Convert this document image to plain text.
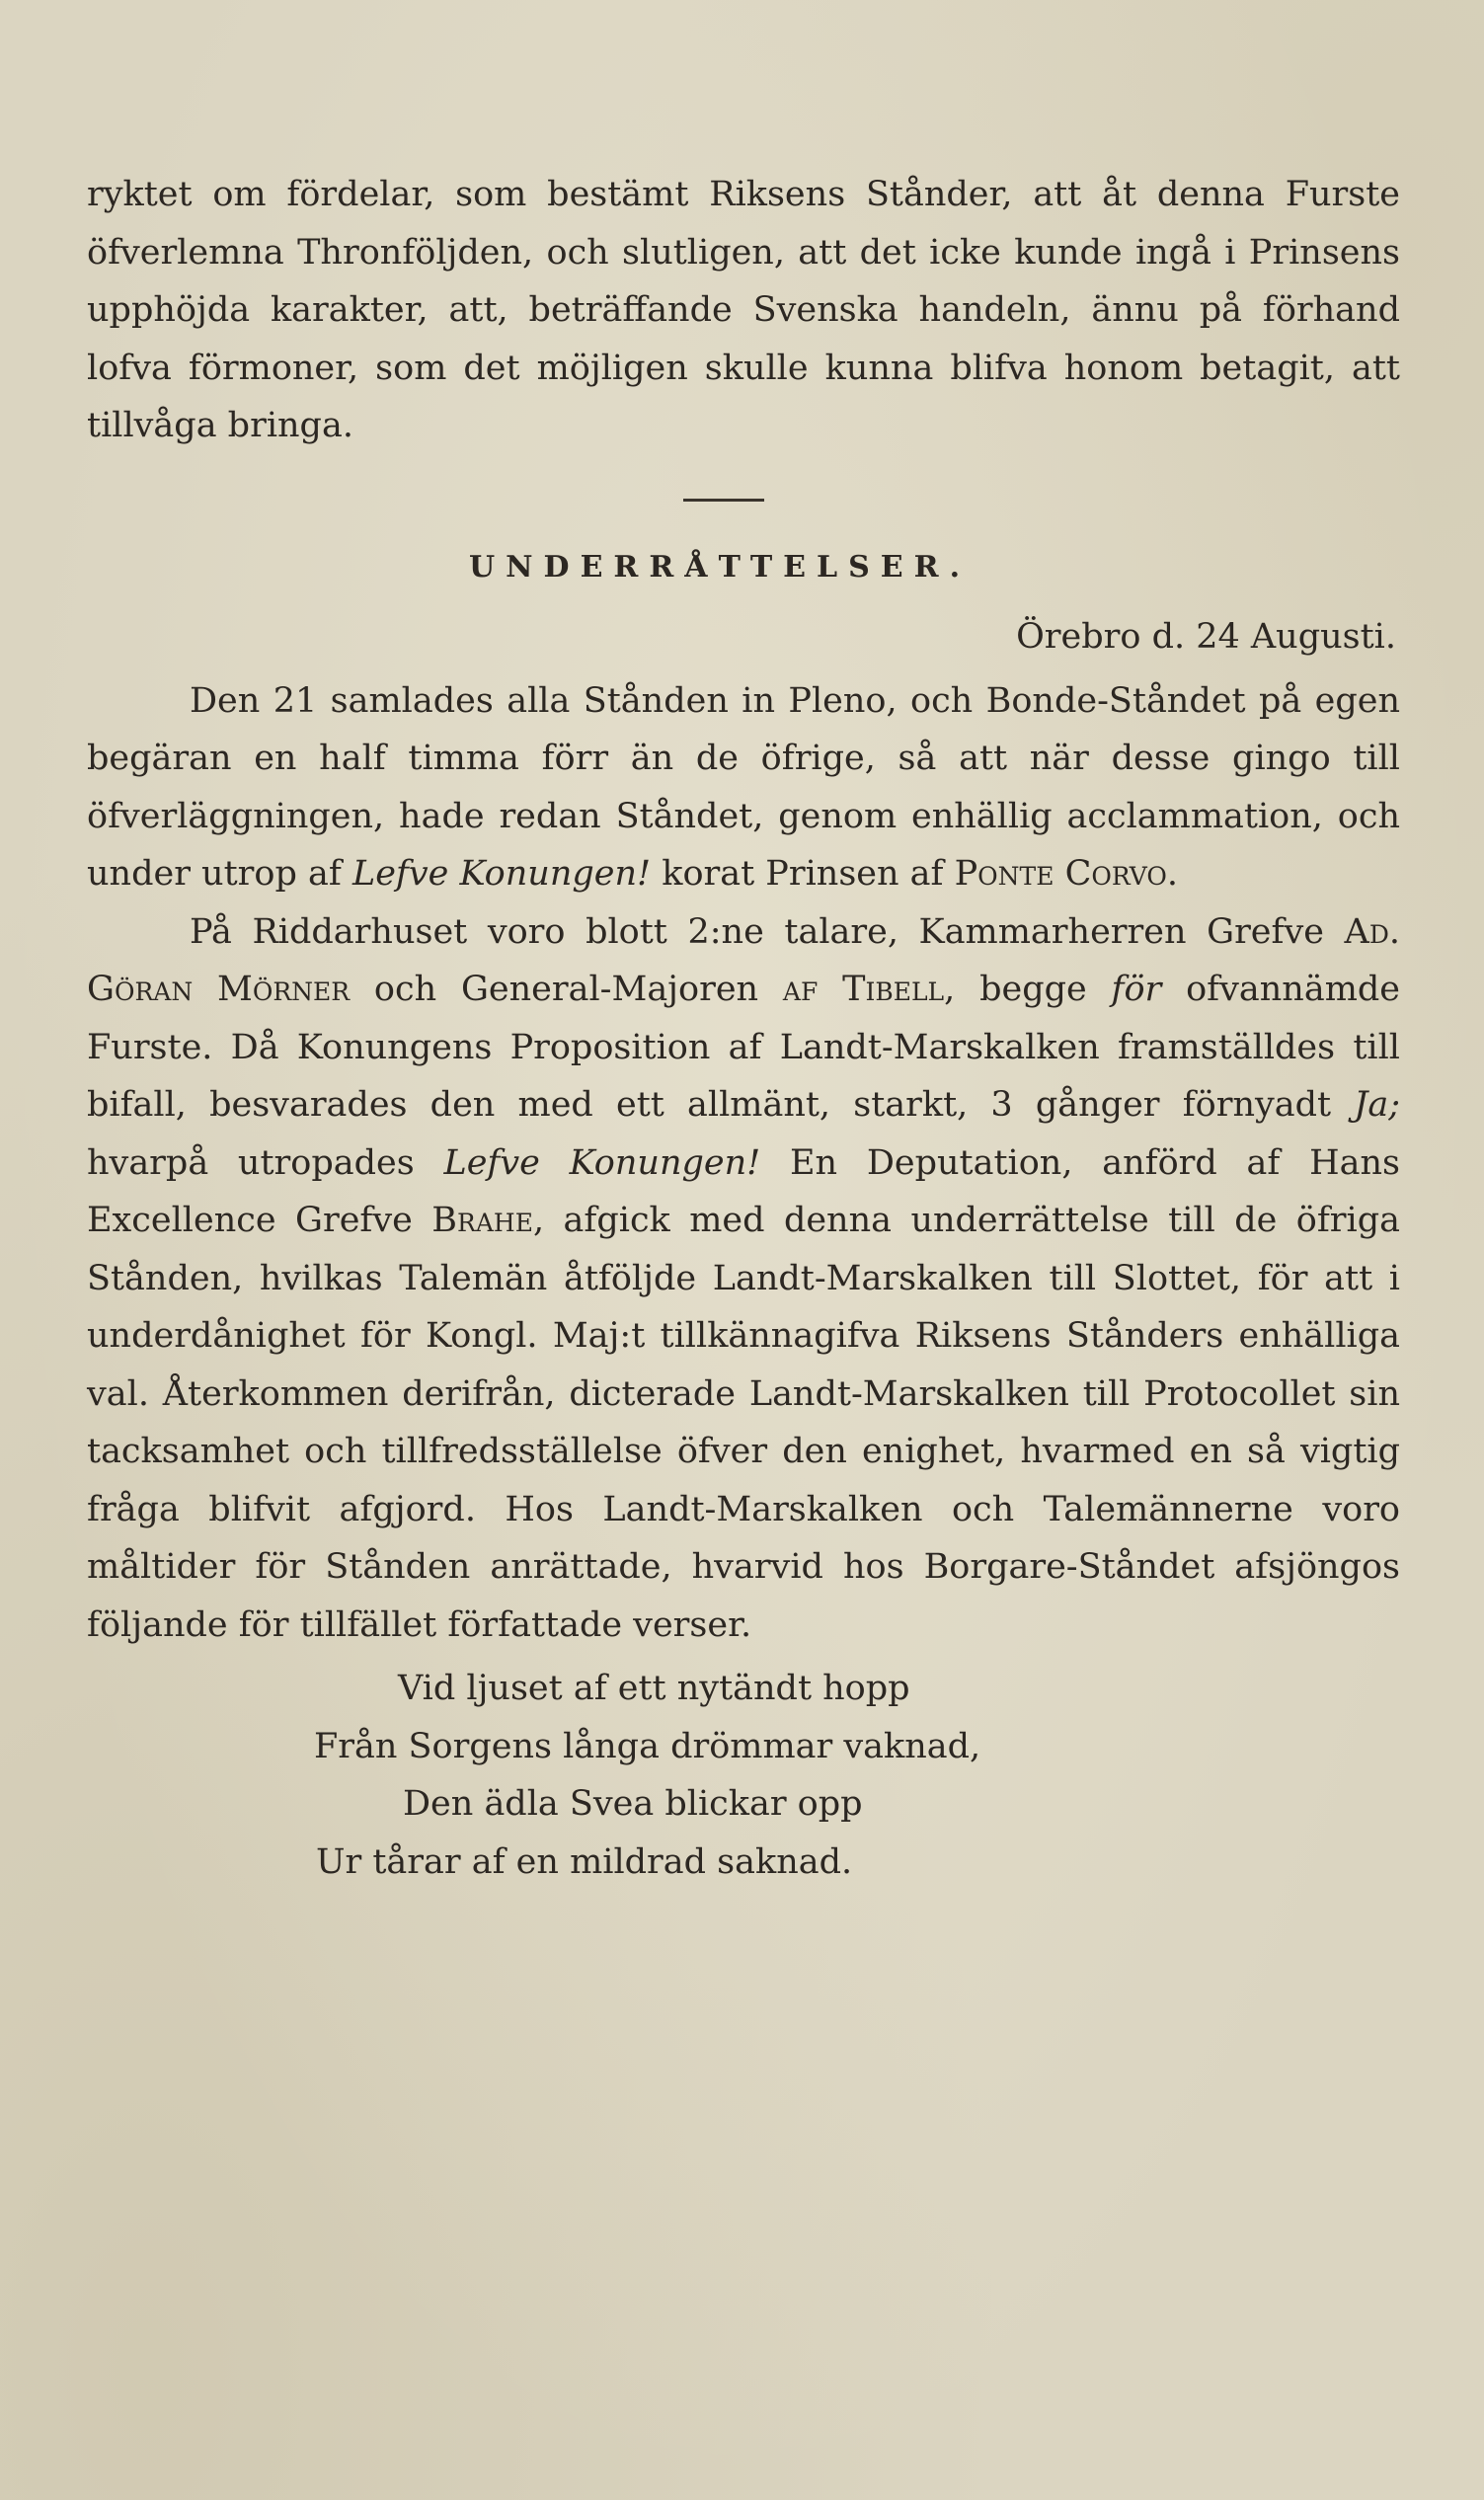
ryktet om fördelar, som bestämt Riksens Stånder, att åt denna Furste öfverlemna Thronföljden, och slutligen, att det icke kunde ingå i Prinsens upphöjda karakter, att, beträffande Svenska handeln, ännu på förhand lofva förmoner, som det möjligen skulle kunna blifva honom betagit, att tillvåga bringa.

UNDERRÅTTELSER.

Örebro d. 24 Augusti.

Den 21 samlades alla Stånden in Pleno, och Bonde-Ståndet på egen begäran en half timma förr än de öfrige, så att när desse gingo till öfverläggningen, hade redan Ståndet, genom enhällig acclammation, och under utrop af Lefve Konungen! korat Prinsen af Ponte Corvo.

På Riddarhuset voro blott 2:ne talare, Kammarherren Grefve Ad. Göran Mörner och General-Majoren af Tibell, begge för ofvannämde Furste. Då Konungens Proposition af Landt-Marskalken framställdes till bifall, besvarades den med ett allmänt, starkt, 3 gånger förnyadt Ja; hvarpå utropades Lefve Konungen! En Deputation, anförd af Hans Excellence Grefve Brahe, afgick med denna underrättelse till de öfriga Stånden, hvilkas Talemän åtföljde Landt-Marskalken till Slottet, för att i underdånighet för Kongl. Maj:t tillkännagifva Riksens Stånders enhälliga val. Återkommen derifrån, dicterade Landt-Marskalken till Protocollet sin tacksamhet och tillfredsställelse öfver den enighet, hvarmed en så vigtig fråga blifvit afgjord. Hos Landt-Marskalken och Talemännerne voro måltider för Stånden anrättade, hvarvid hos Borgare-Ståndet afsjöngos följande för tillfället författade verser.

Vid ljuset af ett nytändt hopp

Från Sorgens långa drömmar vaknad,

Den ädla Svea blickar opp

Ur tårar af en mildrad saknad.
